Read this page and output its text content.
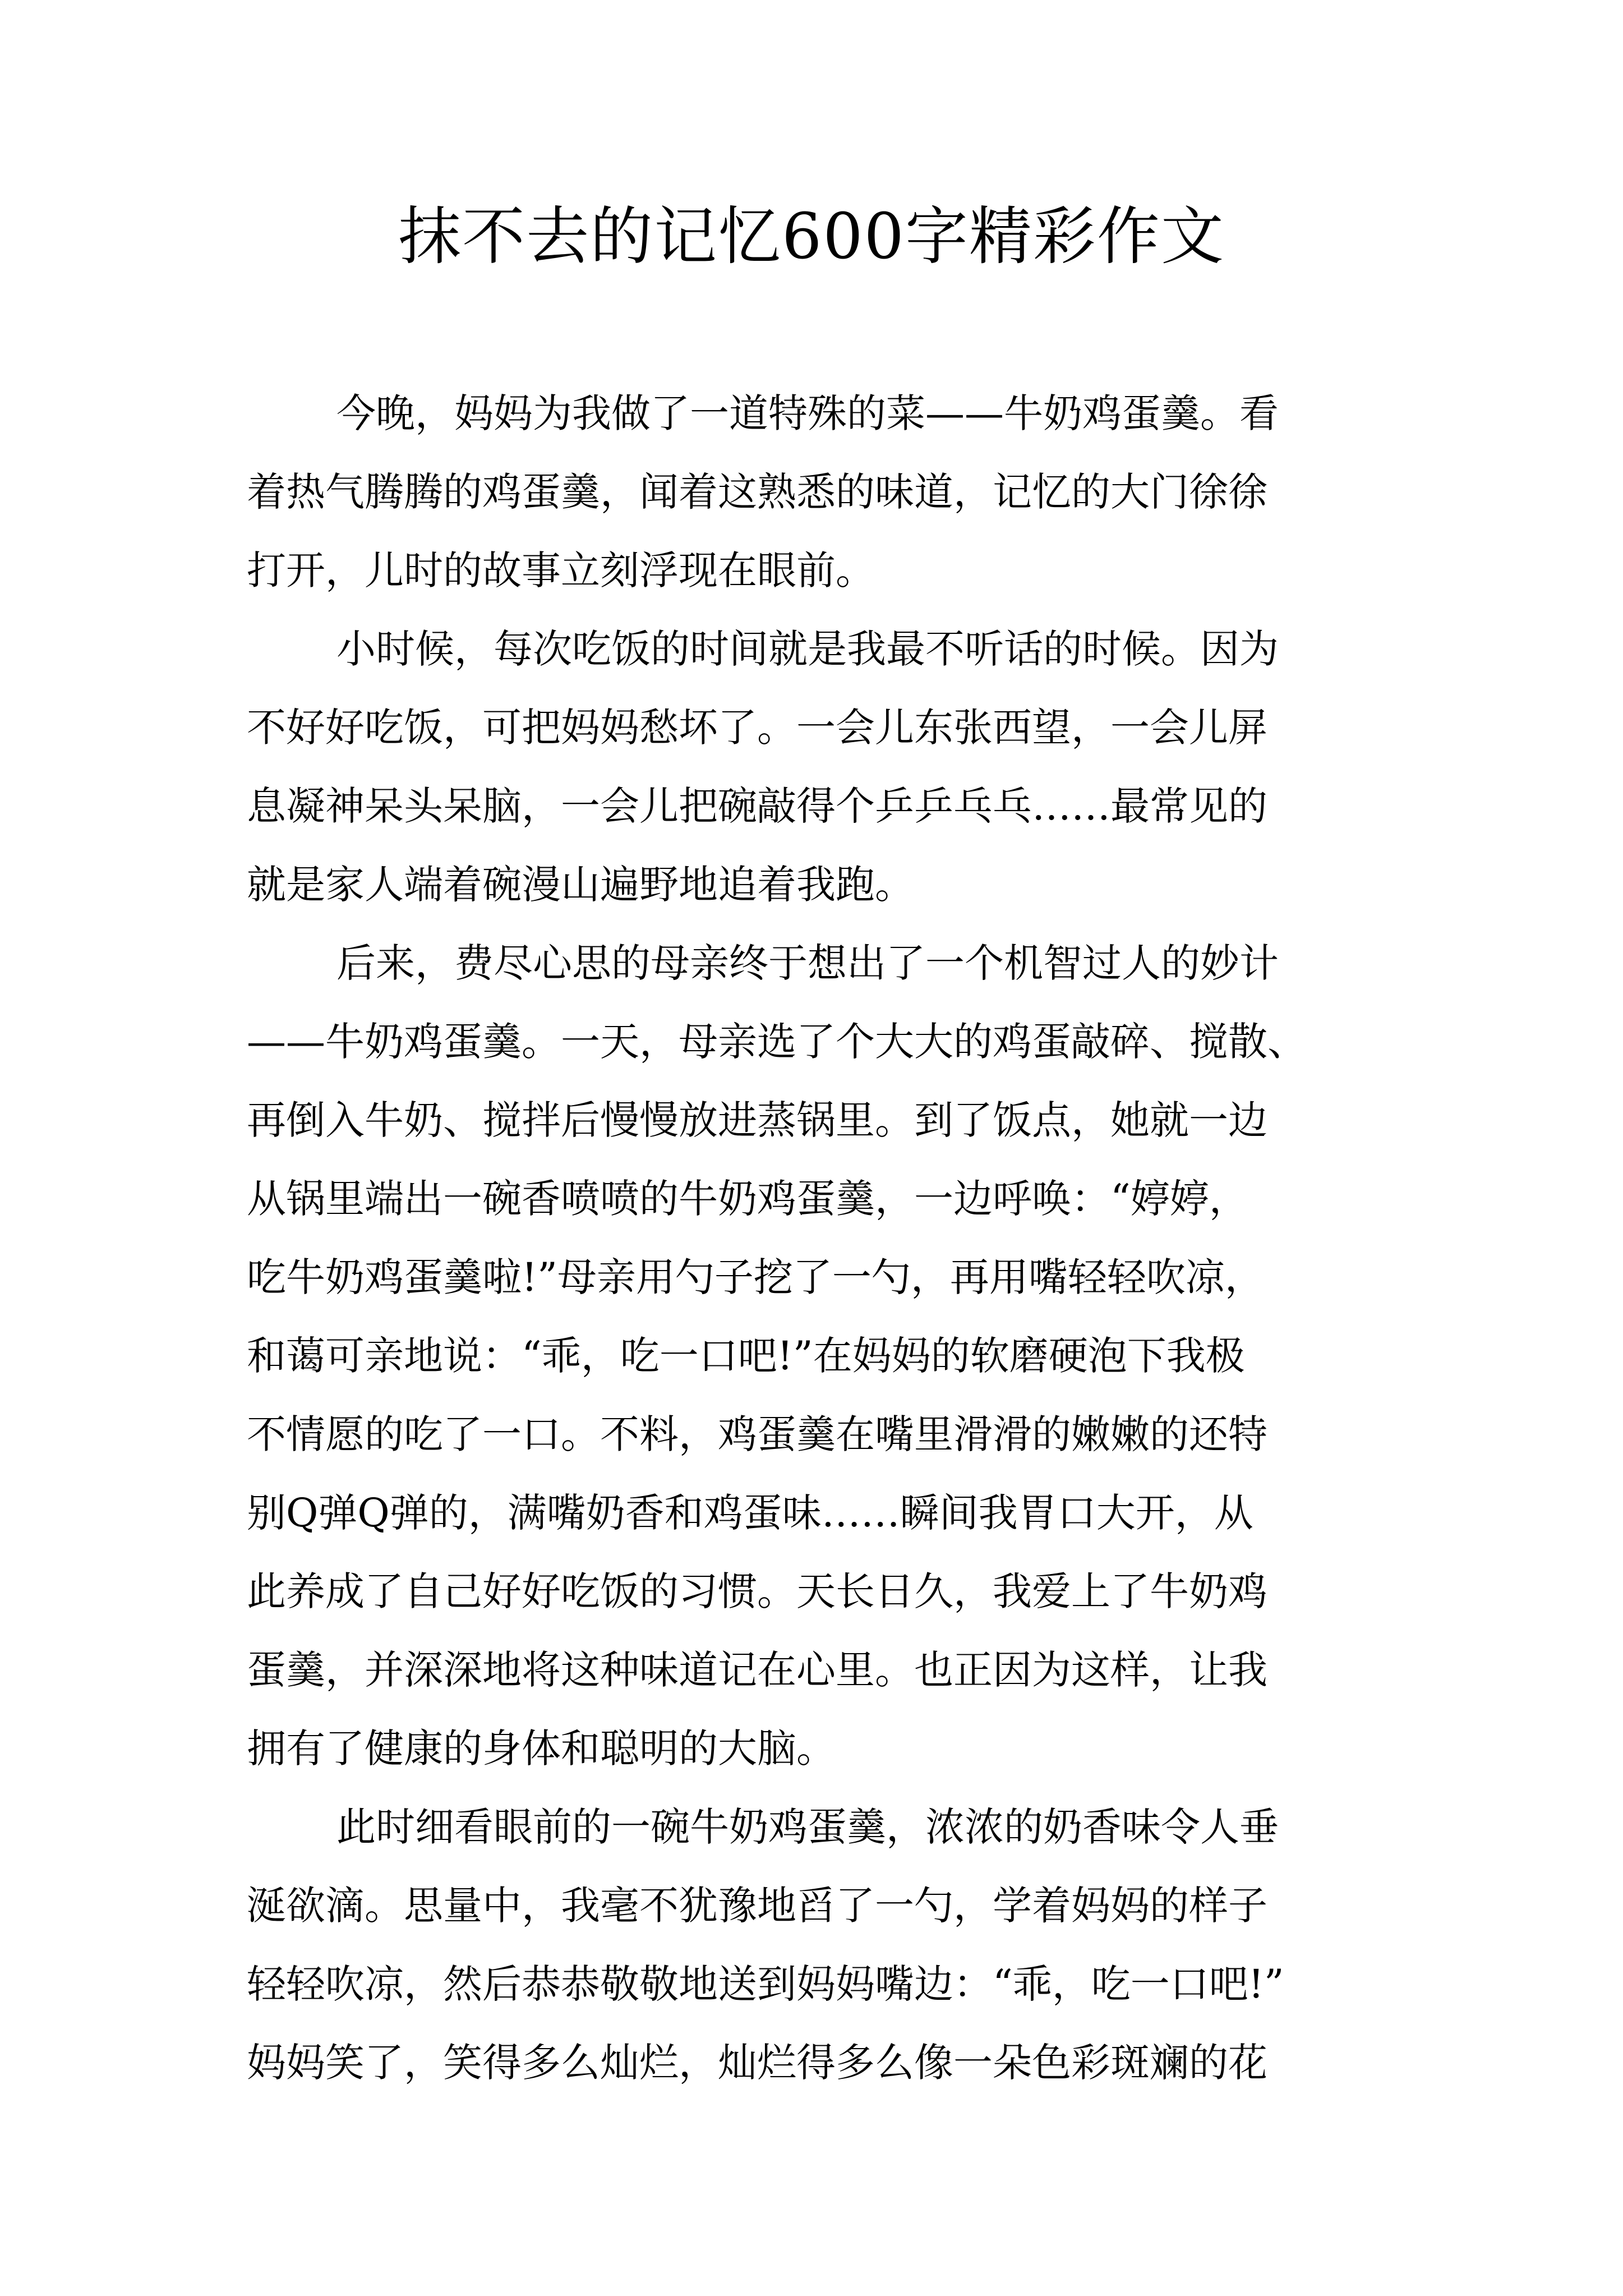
抹不去的记忆600字精彩作文
今晚，妈妈为我做了一道特殊的菜——牛奶鸡蛋羹。看
着热气腾腾的鸡蛋羹，闻着这熟悉的味道，记忆的大门徐徐
打开，儿时的故事立刻浮现在眼前。
小时候，每次吃饭的时间就是我最不听话的时候。因为
不好好吃饭，可把妈妈愁坏了。一会儿东张西望，一会儿屏
息凝神呆头呆脑，一会儿把碗敲得个乒乒乓乓……最常见的
就是家人端着碗漫山遍野地追着我跑。
后来，费尽心思的母亲终于想出了一个机智过人的妙计
——牛奶鸡蛋羹。一天，母亲选了个大大的鸡蛋敲碎、搅散、
再倒入牛奶、搅拌后慢慢放进蒸锅里。到了饭点，她就一边
从锅里端出一碗香喷喷的牛奶鸡蛋羹，一边呼唤：“婷婷，
吃牛奶鸡蛋羹啦!”母亲用勺子挖了一勺，再用嘴轻轻吹凉，
和蔼可亲地说：“乖，吃一口吧!”在妈妈的软磨硬泡下我极
不情愿的吃了一口。不料，鸡蛋羹在嘴里滑滑的嫩嫩的还特
别Q弹Q弹的，满嘴奶香和鸡蛋味……瞬间我胃口大开，从
此养成了自己好好吃饭的习惯。天长日久，我爱上了牛奶鸡
蛋羹，并深深地将这种味道记在心里。也正因为这样，让我
拥有了健康的身体和聪明的大脑。
此时细看眼前的一碗牛奶鸡蛋羹，浓浓的奶香味令人垂
涎欲滴。思量中，我毫不犹豫地舀了一勺，学着妈妈的样子
轻轻吹凉，然后恭恭敬敬地送到妈妈嘴边：“乖，吃一口吧!”
妈妈笑了，笑得多么灿烂，灿烂得多么像一朵色彩斑斓的花
